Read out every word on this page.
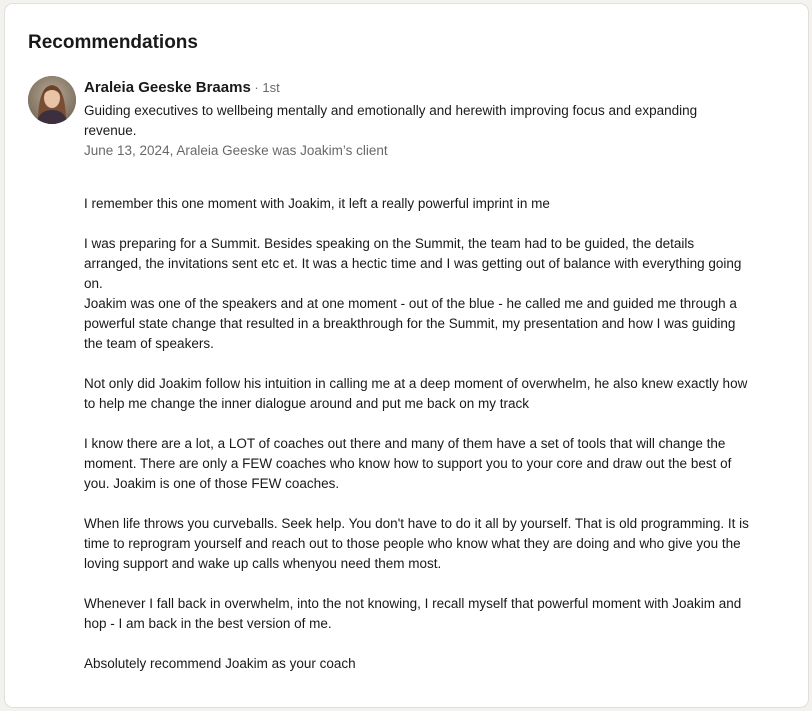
Recommendations
Araleia Geeske Braams · 1st
Guiding executives to wellbeing mentally and emotionally and herewith improving focus and expanding revenue.
June 13, 2024, Araleia Geeske was Joakim’s client

I remember this one moment with Joakim, it left a really powerful imprint in me

I was preparing for a Summit. Besides speaking on the Summit, the team had to be guided, the details arranged, the invitations sent etc et. It was a hectic time and I was getting out of balance with everything going on.
Joakim was one of the speakers and at one moment - out of the blue - he called me and guided me through a powerful state change that resulted in a breakthrough for the Summit, my presentation and how I was guiding the team of speakers.

Not only did Joakim follow his intuition in calling me at a deep moment of overwhelm, he also knew exactly how to help me change the inner dialogue around and put me back on my track

I know there are a lot, a LOT of coaches out there and many of them have a set of tools that will change the moment. There are only a FEW coaches who know how to support you to your core and draw out the best of you. Joakim is one of those FEW coaches.

When life throws you curveballs. Seek help. You don't have to do it all by yourself. That is old programming. It is time to reprogram yourself and reach out to those people who know what they are doing and who give you the loving support and wake up calls whenyou need them most.

Whenever I fall back in overwhelm, into the not knowing, I recall myself that powerful moment with Joakim and hop - I am back in the best version of me.

Absolutely recommend Joakim as your coach
